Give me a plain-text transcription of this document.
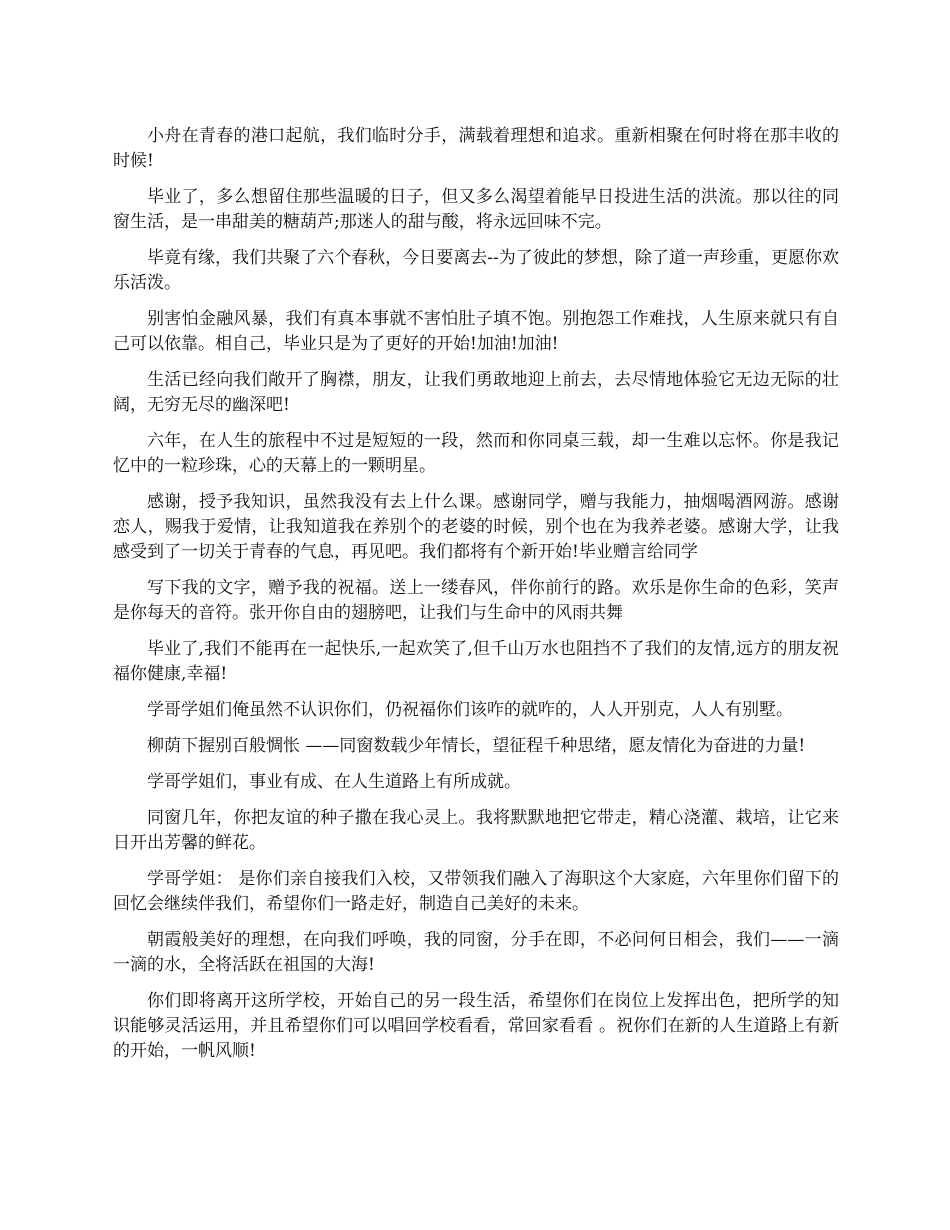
小舟在青春的港口起航，我们临时分手，满载着理想和追求。重新相聚在何时将在那丰收的时候!

毕业了，多么想留住那些温暖的日子，但又多么渴望着能早日投进生活的洪流。那以往的同窗生活，是一串甜美的糖葫芦;那迷人的甜与酸，将永远回味不完。

毕竟有缘，我们共聚了六个春秋，今日要离去--为了彼此的梦想，除了道一声珍重，更愿你欢乐活泼。

别害怕金融风暴，我们有真本事就不害怕肚子填不饱。别抱怨工作难找，人生原来就只有自己可以依靠。相自己，毕业只是为了更好的开始!加油!加油!

生活已经向我们敞开了胸襟，朋友，让我们勇敢地迎上前去，去尽情地体验它无边无际的壮阔，无穷无尽的幽深吧!

六年，在人生的旅程中不过是短短的一段，然而和你同桌三载，却一生难以忘怀。你是我记忆中的一粒珍珠，心的天幕上的一颗明星。

感谢，授予我知识，虽然我没有去上什么课。感谢同学，赠与我能力，抽烟喝酒网游。感谢恋人，赐我于爱情，让我知道我在养别个的老婆的时候，别个也在为我养老婆。感谢大学，让我感受到了一切关于青春的气息，再见吧。我们都将有个新开始!毕业赠言给同学

写下我的文字，赠予我的祝福。送上一缕春风，伴你前行的路。欢乐是你生命的色彩，笑声是你每天的音符。张开你自由的翅膀吧，让我们与生命中的风雨共舞

毕业了,我们不能再在一起快乐,一起欢笑了,但千山万水也阻挡不了我们的友情,远方的朋友祝福你健康,幸福!

学哥学姐们俺虽然不认识你们，仍祝福你们该咋的就咋的，人人开别克，人人有别墅。

柳荫下握别百般惆怅 ——同窗数载少年情长，望征程千种思绪，愿友情化为奋进的力量!

学哥学姐们，事业有成、在人生道路上有所成就。

同窗几年，你把友谊的种子撒在我心灵上。我将默默地把它带走，精心浇灌、栽培，让它来日开出芳馨的鲜花。

学哥学姐： 是你们亲自接我们入校，又带领我们融入了海职这个大家庭，六年里你们留下的回忆会继续伴我们，希望你们一路走好，制造自己美好的未来。

朝霞般美好的理想，在向我们呼唤，我的同窗，分手在即，不必问何日相会，我们——一滴一滴的水，全将活跃在祖国的大海!

你们即将离开这所学校，开始自己的另一段生活，希望你们在岗位上发挥出色，把所学的知识能够灵活运用，并且希望你们可以唱回学校看看，常回家看看 。祝你们在新的人生道路上有新的开始，一帆风顺!
